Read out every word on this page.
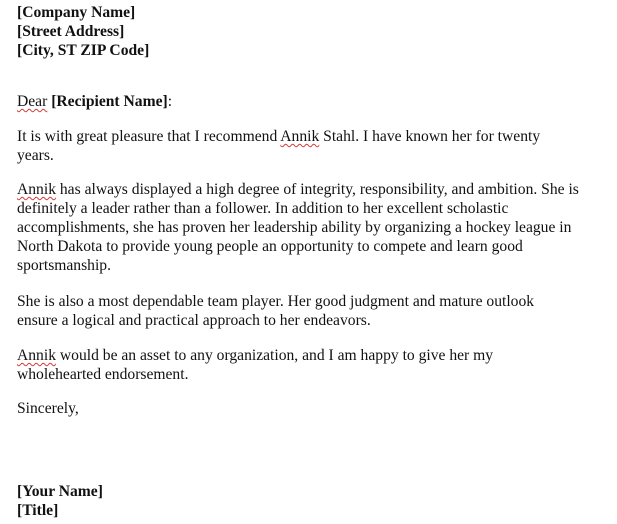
[Company Name]
[Street Address]
[City, ST ZIP Code]
Dear [Recipient Name]:
It is with great pleasure that I recommend Annik Stahl. I have known her for twenty
years.
Annik has always displayed a high degree of integrity, responsibility, and ambition. She is
definitely a leader rather than a follower. In addition to her excellent scholastic
accomplishments, she has proven her leadership ability by organizing a hockey league in
North Dakota to provide young people an opportunity to compete and learn good
sportsmanship.
She is also a most dependable team player. Her good judgment and mature outlook
ensure a logical and practical approach to her endeavors.
Annik would be an asset to any organization, and I am happy to give her my
wholehearted endorsement.
Sincerely,
[Your Name]
[Title]
